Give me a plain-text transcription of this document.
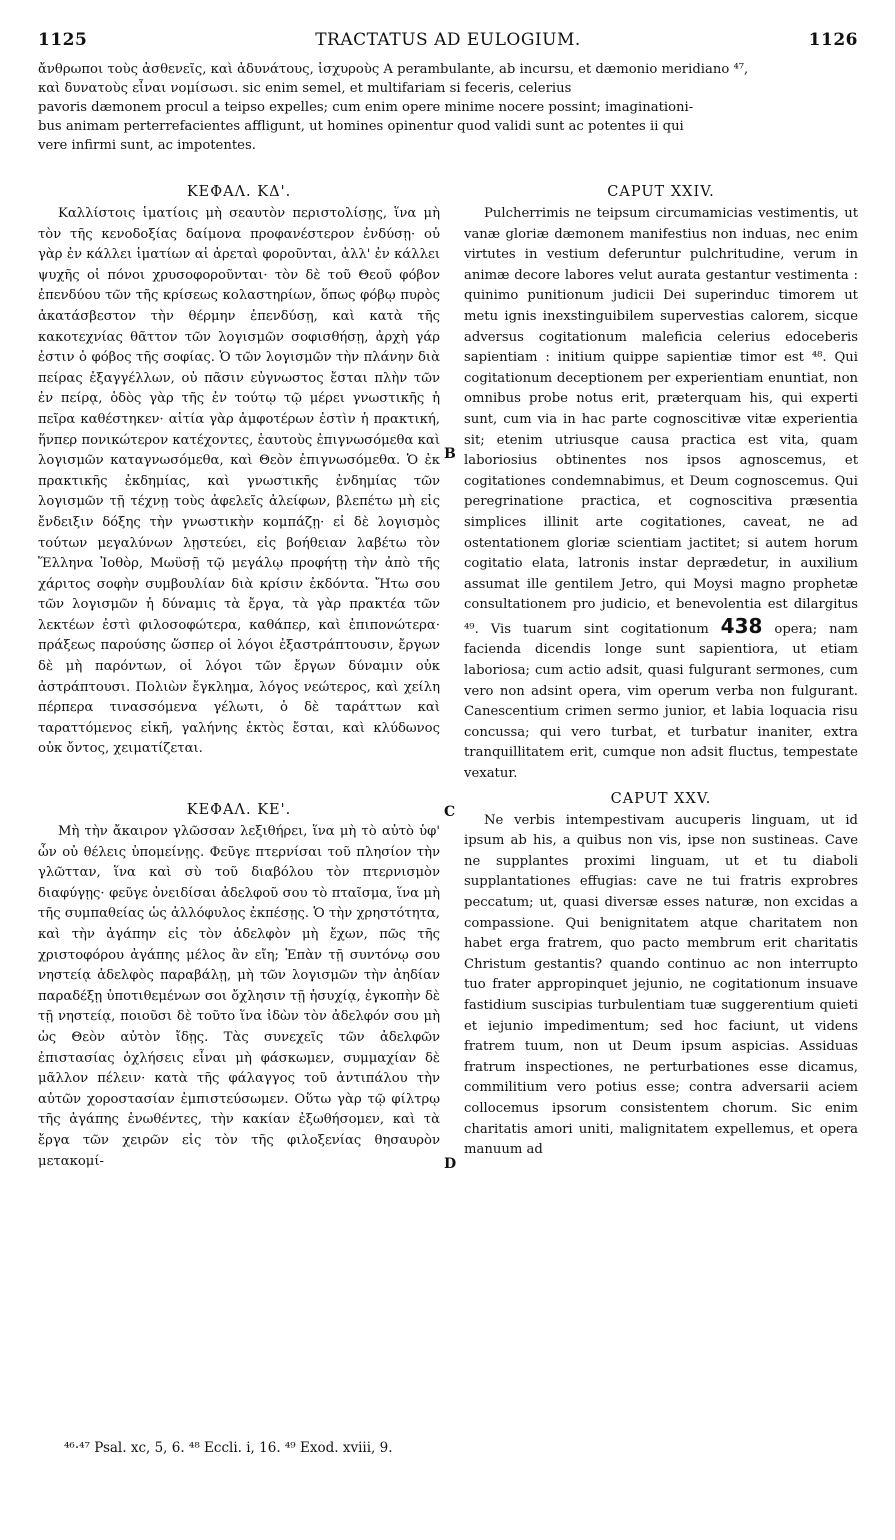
1125	TRACTATUS AD EULOGIUM.	1126
ἄνθρωποι τοὺς ἀσθενεῖς, καὶ ἀδυνάτους, ἰσχυροὺς A perambulante, ab incursu, et dæmonio meridiano ⁴⁷,
καὶ δυνατοὺς εἶναι νομίσωσι. sic enim semel, et multifariam si feceris, celerius
pavoris dæmonem procul a teipso expelles; cum enim opere minime nocere possint; imaginationi-
bus animam perterrefacientes affligunt, ut homines opinentur quod validi sunt ac potentes ii qui
vere infirmi sunt, ac impotentes.
ΚΕΦΑΛ. ΚΔ'.

Καλλίστοις ἱματίοις μὴ σεαυτὸν περιστολίσῃς, ἵνα μὴ τὸν τῆς κενοδοξίας δαίμονα προφανέστερον ἐνδύσῃ· οὐ γὰρ ἐν κάλλει ἱματίων αἱ ἀρεταὶ φοροῦνται, ἀλλ' ἐν κάλλει ψυχῆς οἱ πόνοι χρυσοφοροῦνται· τὸν δὲ τοῦ Θεοῦ φόβον ἐπενδύου τῶν τῆς κρίσεως κολαστηρίων, ὅπως φόβῳ πυρὸς ἀκατάσβεστον τὴν θέρμην ἐπενδύσῃ, καὶ κατὰ τῆς κακοτεχνίας θᾶττον τῶν λογισμῶν σοφισθήσῃ, ἀρχὴ γάρ ἐστιν ὁ φόβος τῆς σοφίας. Ὁ τῶν λογισμῶν τὴν πλάνην διὰ πείρας ἐξαγγέλλων, οὐ πᾶσιν εὐγνωστος ἔσται πλὴν τῶν ἐν πείρᾳ, ὁδὸς γὰρ τῆς ἐν τούτῳ τῷ μέρει γνωστικῆς ἡ πεῖρα καθέστηκεν· αἰτία γὰρ ἀμφοτέρων ἐστὶν ἡ πρακτική, ἥνπερ πονικώτερον κατέχοντες, ἑαυτοὺς ἐπιγνωσόμεθα καὶ λογισμῶν καταγνωσόμεθα, καὶ Θεὸν ἐπιγνωσόμεθα. Ὁ ἐκ πρακτικῆς ἐκδημίας, καὶ γνωστικῆς ἐνδημίας τῶν λογισμῶν τῇ τέχνῃ τοὺς ἀφελεῖς ἀλείφων, βλεπέτω μὴ εἰς ἔνδειξιν δόξης τὴν γνωστικὴν κομπάζῃ· εἰ δὲ λογισμὸς τούτων μεγαλύνων λῃστεύει, εἰς βοήθειαν λαβέτω τὸν Ἕλληνα Ἰοθὸρ, Μωϋσῇ τῷ μεγάλῳ προφήτῃ τὴν ἀπὸ τῆς χάριτος σοφὴν συμβουλίαν διὰ κρίσιν ἐκδόντα. Ἤτω σου τῶν λογισμῶν ἡ δύναμις τὰ ἔργα, τὰ γὰρ πρακτέα τῶν λεκτέων ἐστὶ φιλοσοφώτερα, καθάπερ, καὶ ἐπιπονώτερα· πράξεως παρούσης ὥσπερ οἱ λόγοι ἐξαστράπτουσιν, ἔργων δὲ μὴ παρόντων, οἱ λόγοι τῶν ἔργων δύναμιν οὐκ ἀστράπτουσι. Πολιὼν ἔγκλημα, λόγος νεώτερος, καὶ χείλη πέρπερα τινασσόμενα γέλωτι, ὁ δὲ ταράττων καὶ ταραττόμενος εἰκῆ, γαλήνης ἐκτὸς ἔσται, καὶ κλύδωνος οὐκ ὄντος, χειματίζεται.

ΚΕΦΑΛ. ΚΕ'.

Μὴ τὴν ἄκαιρον γλῶσσαν λεξιθήρει, ἵνα μὴ τὸ αὐτὸ ὑφ' ὧν οὐ θέλεις ὑπομείνῃς. Φεῦγε πτερνίσαι τοῦ πλησίον τὴν γλῶτταν, ἵνα καὶ σὺ τοῦ διαβόλου τὸν πτερνισμὸν διαφύγῃς· φεῦγε ὀνειδίσαι ἀδελφοῦ σου τὸ πταῖσμα, ἵνα μὴ τῆς συμπαθείας ὡς ἀλλόφυλος ἐκπέσῃς. Ὁ τὴν χρηστότητα, καὶ τὴν ἀγάπην εἰς τὸν ἀδελφὸν μὴ ἔχων, πῶς τῆς χριστοφόρου ἀγάπης μέλος ἂν εἴη; Ἐπὰν τῇ συντόνῳ σου νηστείᾳ ἀδελφὸς παραβάλῃ, μὴ τῶν λογισμῶν τὴν ἀηδίαν παραδέξῃ ὑποτιθεμένων σοι ὄχλησιν τῇ ἡσυχίᾳ, ἐγκοπὴν δὲ τῇ νηστείᾳ, ποιοῦσι δὲ τοῦτο ἵνα ἰδὼν τὸν ἀδελφόν σου μὴ ὡς Θεὸν αὐτὸν ἴδῃς. Τὰς συνεχεῖς τῶν ἀδελφῶν ἐπιστασίας ὀχλήσεις εἶναι μὴ φάσκωμεν, συμμαχίαν δὲ μᾶλλον πέλειν· κατὰ τῆς φάλαγγος τοῦ ἀντιπάλου τὴν αὐτῶν χοροστασίαν ἐμπιστεύσωμεν. Οὕτω γὰρ τῷ φίλτρῳ τῆς ἀγάπης ἑνωθέντες, τὴν κακίαν ἐξωθήσομεν, καὶ τὰ ἔργα τῶν χειρῶν εἰς τὸν τῆς φιλοξενίας θησαυρὸν μετακομί-

CAPUT XXIV.

Pulcherrimis ne teipsum circumamicias vestimentis, ut vanæ gloriæ dæmonem manifestius non induas, nec enim virtutes in vestium deferuntur pulchritudine, verum in animæ decore labores velut aurata gestantur vestimenta : quinimo punitionum judicii Dei superinduc timorem ut metu ignis inexstinguibilem supervestias calorem, sicque adversus cogitationum maleficia celerius edoceberis sapientiam : initium quippe sapientiæ timor est ⁴⁸. Qui cogitationum deceptionem per experientiam enuntiat, non omnibus probe notus erit, præterquam his, qui experti sunt, cum via in hac parte cognoscitivæ vitæ experientia sit; etenim utriusque causa practica est vita, quam laboriosius obtinentes nos ipsos agnoscemus, et cogitationes condemnabimus, et Deum cognoscemus. Qui peregrinatione practica, et cognoscitiva præsentia simplices illinit arte cogitationes, caveat, ne ad ostentationem gloriæ scientiam jactitet; si autem horum cogitatio elata, latronis instar deprædetur, in auxilium assumat ille gentilem Jetro, qui Moysi magno prophetæ consultationem pro judicio, et benevolentia est dilargitus ⁴⁹. Vis tuarum sint cogitationum 438 opera; nam facienda dicendis longe sunt sapientiora, ut etiam laboriosa; cum actio adsit, quasi fulgurant sermones, cum vero non adsint opera, vim operum verba non fulgurant. Canescentium crimen sermo junior, et labia loquacia risu concussa; qui vero turbat, et turbatur inaniter, extra tranquillitatem erit, cumque non adsit fluctus, tempestate vexatur.

CAPUT XXV.

Ne verbis intempestivam aucuperis linguam, ut id ipsum ab his, a quibus non vis, ipse non sustineas. Cave ne supplantes proximi linguam, ut et tu diaboli supplantationes effugias: cave ne tui fratris exprobres peccatum; ut, quasi diversæ esses naturæ, non excidas a compassione. Qui benignitatem atque charitatem non habet erga fratrem, quo pacto membrum erit charitatis Christum gestantis? quando continuo ac non interrupto tuo frater appropinquet jejunio, ne cogitationum insuave fastidium suscipias turbulentiam tuæ suggerentium quieti et iejunio impedimentum; sed hoc faciunt, ut videns fratrem tuum, non ut Deum ipsum aspicias. Assiduas fratrum inspectiones, ne perturbationes esse dicamus, commilitium vero potius esse; contra adversarii aciem collocemus ipsorum consistentem chorum. Sic enim charitatis amori uniti, malignitatem expellemus, et opera manuum ad

B
C
D
⁴⁶·⁴⁷ Psal. xc, 5, 6. ⁴⁸ Eccli. i, 16. ⁴⁹ Exod. xviii, 9.
